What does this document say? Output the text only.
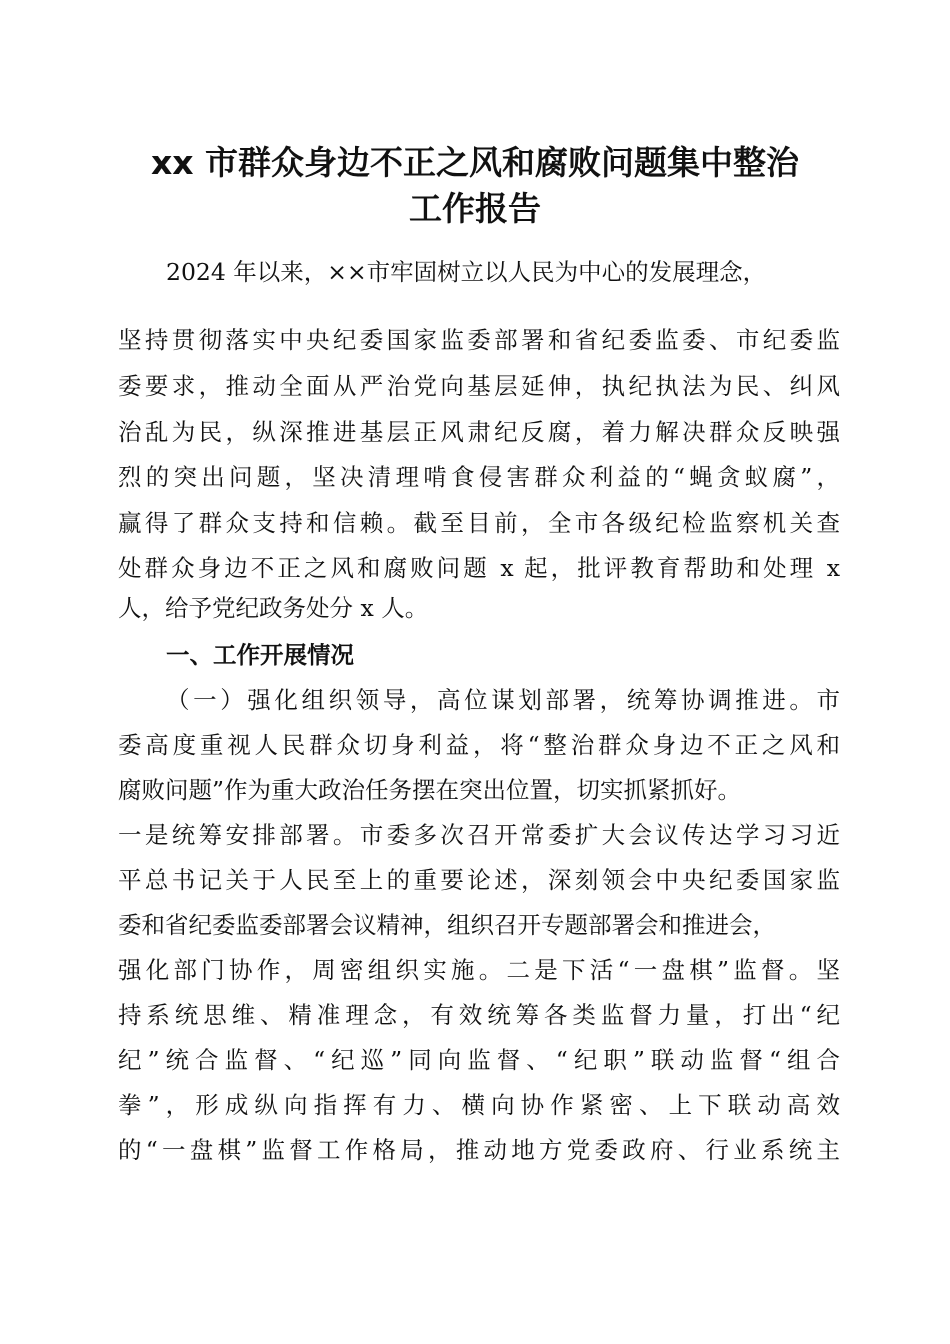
xx 市群众身边不正之风和腐败问题集中整治
工作报告
2024 年以来，××市牢固树立以人民为中心的发展理念，
坚持贯彻落实中央纪委国家监委部署和省纪委监委、市纪委监
委要求，推动全面从严治党向基层延伸，执纪执法为民、纠风
治乱为民，纵深推进基层正风肃纪反腐，着力解决群众反映强
烈的突出问题，坚决清理啃食侵害群众利益的“蝇贪蚁腐”，
赢得了群众支持和信赖。截至目前，全市各级纪检监察机关查
处群众身边不正之风和腐败问题 x 起，批评教育帮助和处理 x
人，给予党纪政务处分 x 人。
一、工作开展情况
（一）强化组织领导，高位谋划部署，统筹协调推进。市
委高度重视人民群众切身利益，将“整治群众身边不正之风和
腐败问题”作为重大政治任务摆在突出位置，切实抓紧抓好。
一是统筹安排部署。市委多次召开常委扩大会议传达学习习近
平总书记关于人民至上的重要论述，深刻领会中央纪委国家监
委和省纪委监委部署会议精神，组织召开专题部署会和推进会，
强化部门协作，周密组织实施。二是下活“一盘棋”监督。坚
持系统思维、精准理念，有效统筹各类监督力量，打出“纪
纪”统合监督、“纪巡”同向监督、“纪职”联动监督“组合
拳”，形成纵向指挥有力、横向协作紧密、上下联动高效
的“一盘棋”监督工作格局，推动地方党委政府、行业系统主
